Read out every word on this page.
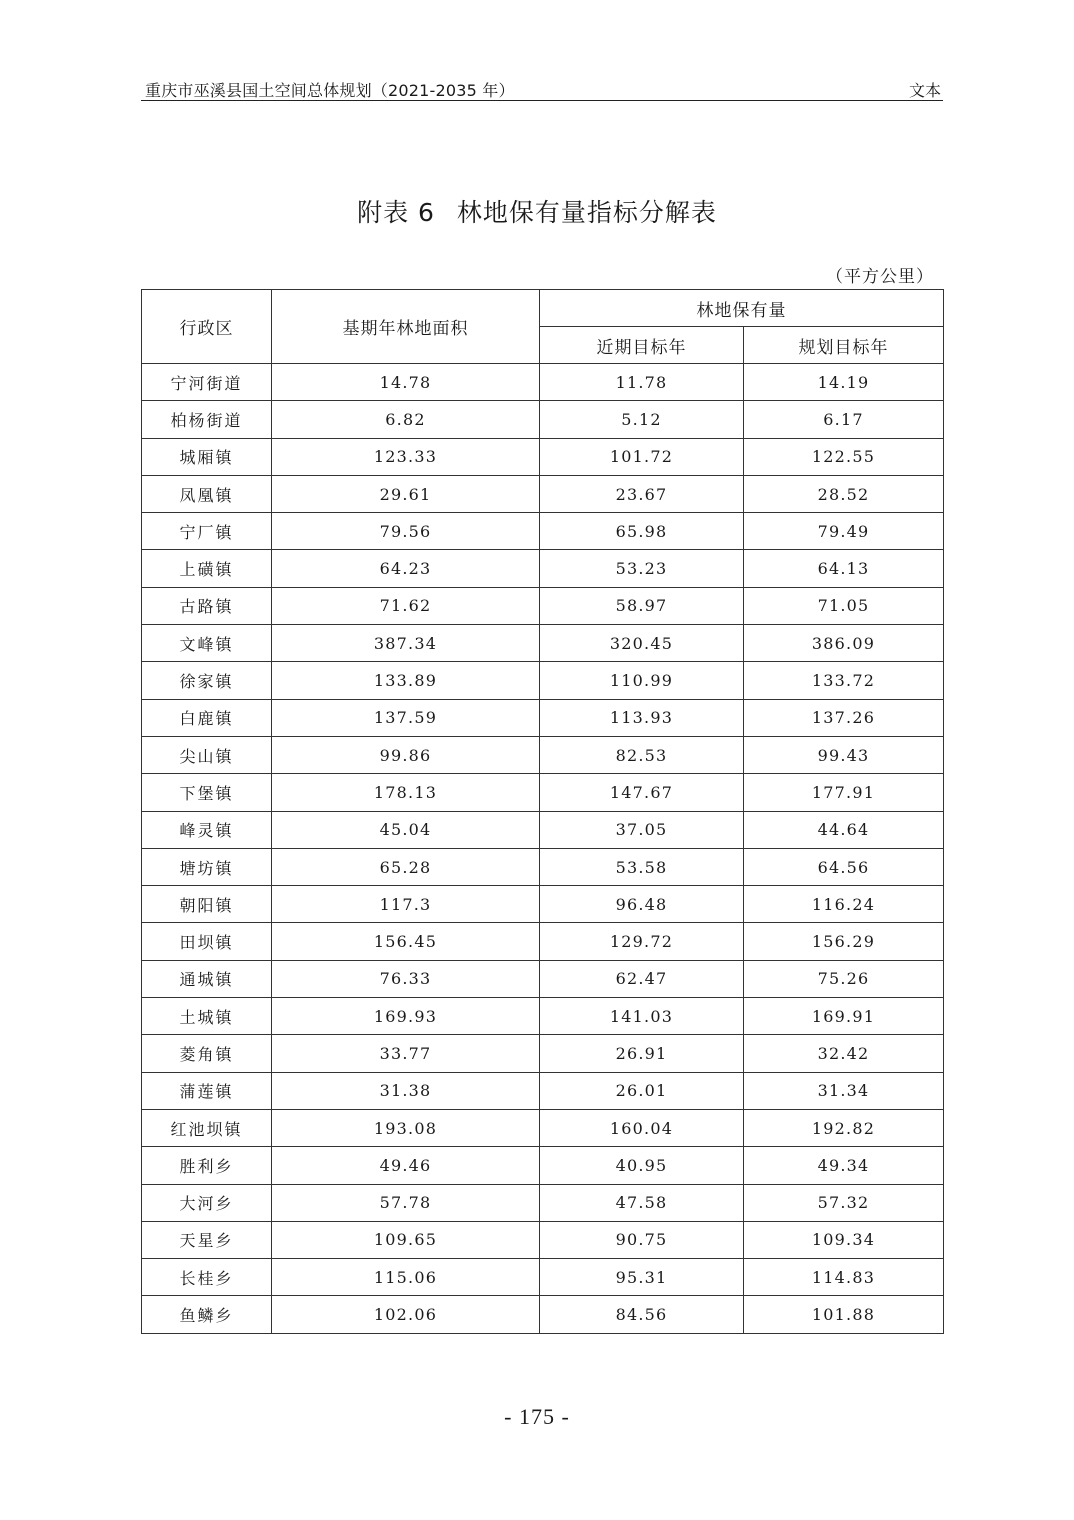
重庆市巫溪县国土空间总体规划（2021-2035 年）	文本
附表 6 林地保有量指标分解表
（平方公里）
行政区	基期年林地面积	林地保有量	
		近期目标年	规划目标年
宁河街道	14.78	11.78	14.19
柏杨街道	6.82	5.12	6.17
城厢镇	123.33	101.72	122.55
凤凰镇	29.61	23.67	28.52
宁厂镇	79.56	65.98	79.49
上磺镇	64.23	53.23	64.13
古路镇	71.62	58.97	71.05
文峰镇	387.34	320.45	386.09
徐家镇	133.89	110.99	133.72
白鹿镇	137.59	113.93	137.26
尖山镇	99.86	82.53	99.43
下堡镇	178.13	147.67	177.91
峰灵镇	45.04	37.05	44.64
塘坊镇	65.28	53.58	64.56
朝阳镇	117.3	96.48	116.24
田坝镇	156.45	129.72	156.29
通城镇	76.33	62.47	75.26
土城镇	169.93	141.03	169.91
菱角镇	33.77	26.91	32.42
蒲莲镇	31.38	26.01	31.34
红池坝镇	193.08	160.04	192.82
胜利乡	49.46	40.95	49.34
大河乡	57.78	47.58	57.32
天星乡	109.65	90.75	109.34
长桂乡	115.06	95.31	114.83
鱼鳞乡	102.06	84.56	101.88
- 175 -
